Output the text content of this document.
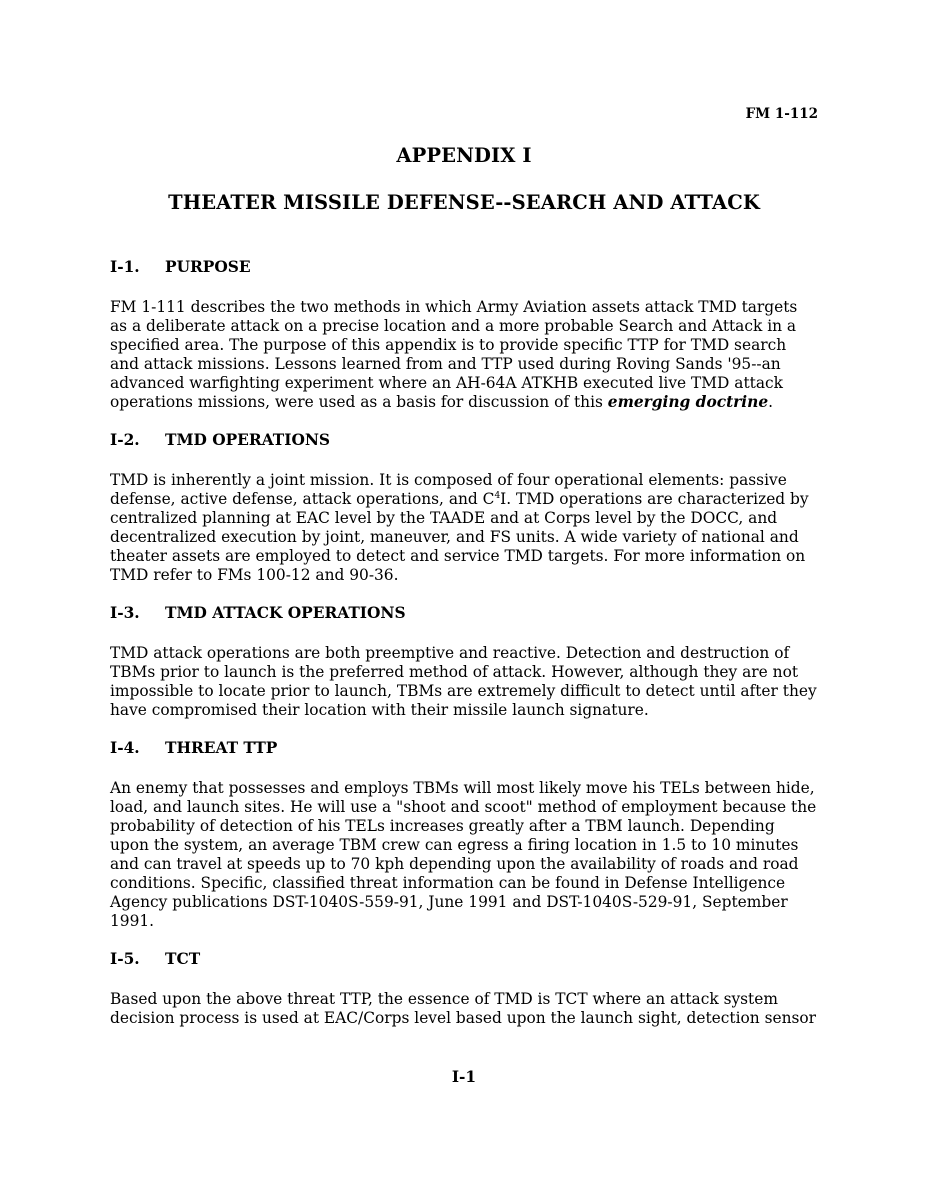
FM 1-112
APPENDIX I
THEATER MISSILE DEFENSE--SEARCH AND ATTACK
I-1. PURPOSE

FM 1-111 describes the two methods in which Army Aviation assets attack TMD targets as a deliberate attack on a precise location and a more probable Search and Attack in a specified area. The purpose of this appendix is to provide specific TTP for TMD search and attack missions. Lessons learned from and TTP used during Roving Sands '95--an advanced warfighting experiment where an AH-64A ATKHB executed live TMD attack operations missions, were used as a basis for discussion of this emerging doctrine.

I-2. TMD OPERATIONS

TMD is inherently a joint mission. It is composed of four operational elements: passive defense, active defense, attack operations, and $C^4I$. TMD operations are characterized by centralized planning at EAC level by the TAADE and at Corps level by the DOCC, and decentralized execution by joint, maneuver, and FS units. A wide variety of national and theater assets are employed to detect and service TMD targets. For more information on TMD refer to FMs 100-12 and 90-36.

I-3. TMD ATTACK OPERATIONS

TMD attack operations are both preemptive and reactive. Detection and destruction of TBMs prior to launch is the preferred method of attack. However, although they are not impossible to locate prior to launch, TBMs are extremely difficult to detect until after they have compromised their location with their missile launch signature.

I-4. THREAT TTP

An enemy that possesses and employs TBMs will most likely move his TELs between hide, load, and launch sites. He will use a "shoot and scoot" method of employment because the probability of detection of his TELs increases greatly after a TBM launch. Depending upon the system, an average TBM crew can egress a firing location in 1.5 to 10 minutes and can travel at speeds up to 70 kph depending upon the availability of roads and road conditions. Specific, classified threat information can be found in Defense Intelligence Agency publications DST-1040S-559-91, June 1991 and DST-1040S-529-91, September 1991.

I-5. TCT

Based upon the above threat TTP, the essence of TMD is TCT where an attack system decision process is used at EAC/Corps level based upon the launch sight, detection sensor

I-1
